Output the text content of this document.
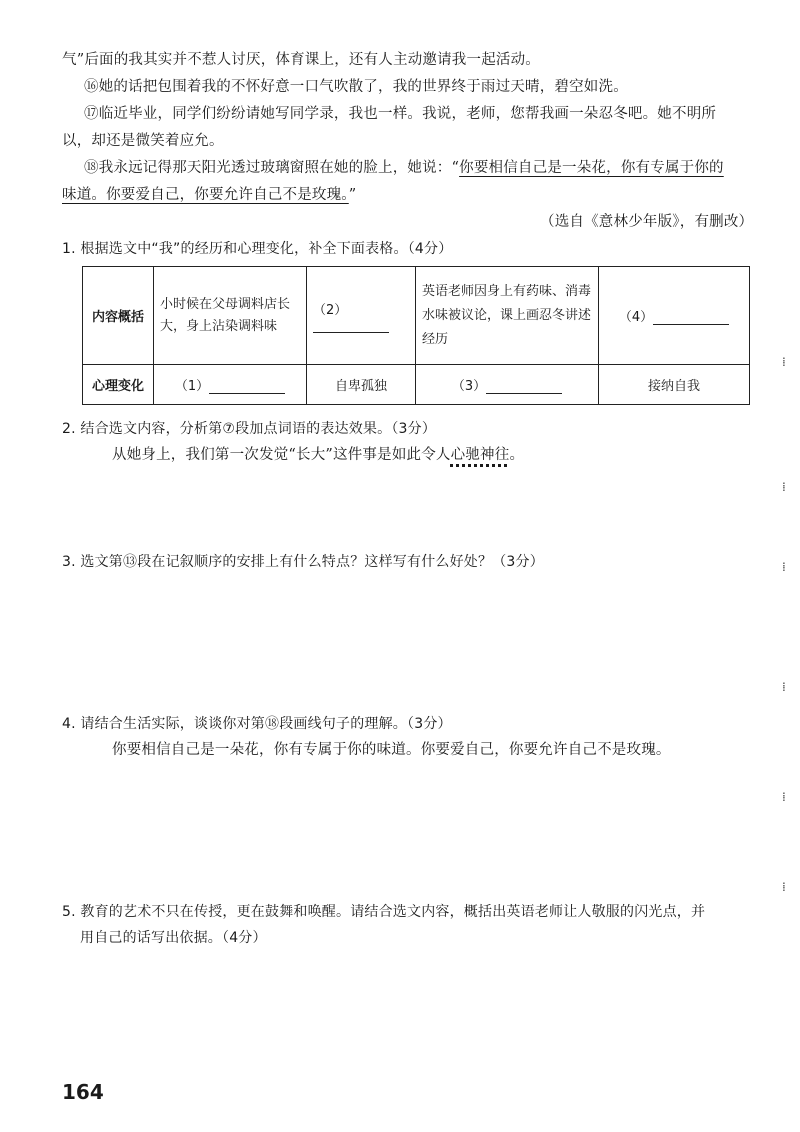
气”后面的我其实并不惹人讨厌，体育课上，还有人主动邀请我一起活动。
⑯她的话把包围着我的不怀好意一口气吹散了，我的世界终于雨过天晴，碧空如洗。
⑰临近毕业，同学们纷纷请她写同学录，我也一样。我说，老师，您帮我画一朵忍冬吧。她不明所
以，却还是微笑着应允。
⑱我永远记得那天阳光透过玻璃窗照在她的脸上，她说：“你要相信自己是一朵花，你有专属于你的
味道。你要爱自己，你要允许自己不是玫瑰。”
（选自《意林少年版》，有删改）
1. 根据选文中“我”的经历和心理变化，补全下面表格。（4分）
内容概括	小时候在父母调料店长大，身上沾染调料味	（2）	英语老师因身上有药味、消毒水味被议论，课上画忍冬讲述经历	（4）
心理变化	（1）	自卑孤独	（3）	接纳自我
2. 结合选文内容，分析第⑦段加点词语的表达效果。（3分）
从她身上，我们第一次发觉“长大”这件事是如此令人心驰神往。
3. 选文第⑬段在记叙顺序的安排上有什么特点？这样写有什么好处？（3分）
4. 请结合生活实际，谈谈你对第⑱段画线句子的理解。（3分）
你要相信自己是一朵花，你有专属于你的味道。你要爱自己，你要允许自己不是玫瑰。
5. 教育的艺术不只在传授，更在鼓舞和唤醒。请结合选文内容，概括出英语老师让人敬服的闪光点，并
用自己的话写出依据。（4分）
164
⁞
⁞
⁞
⁞
⁞
⁞
